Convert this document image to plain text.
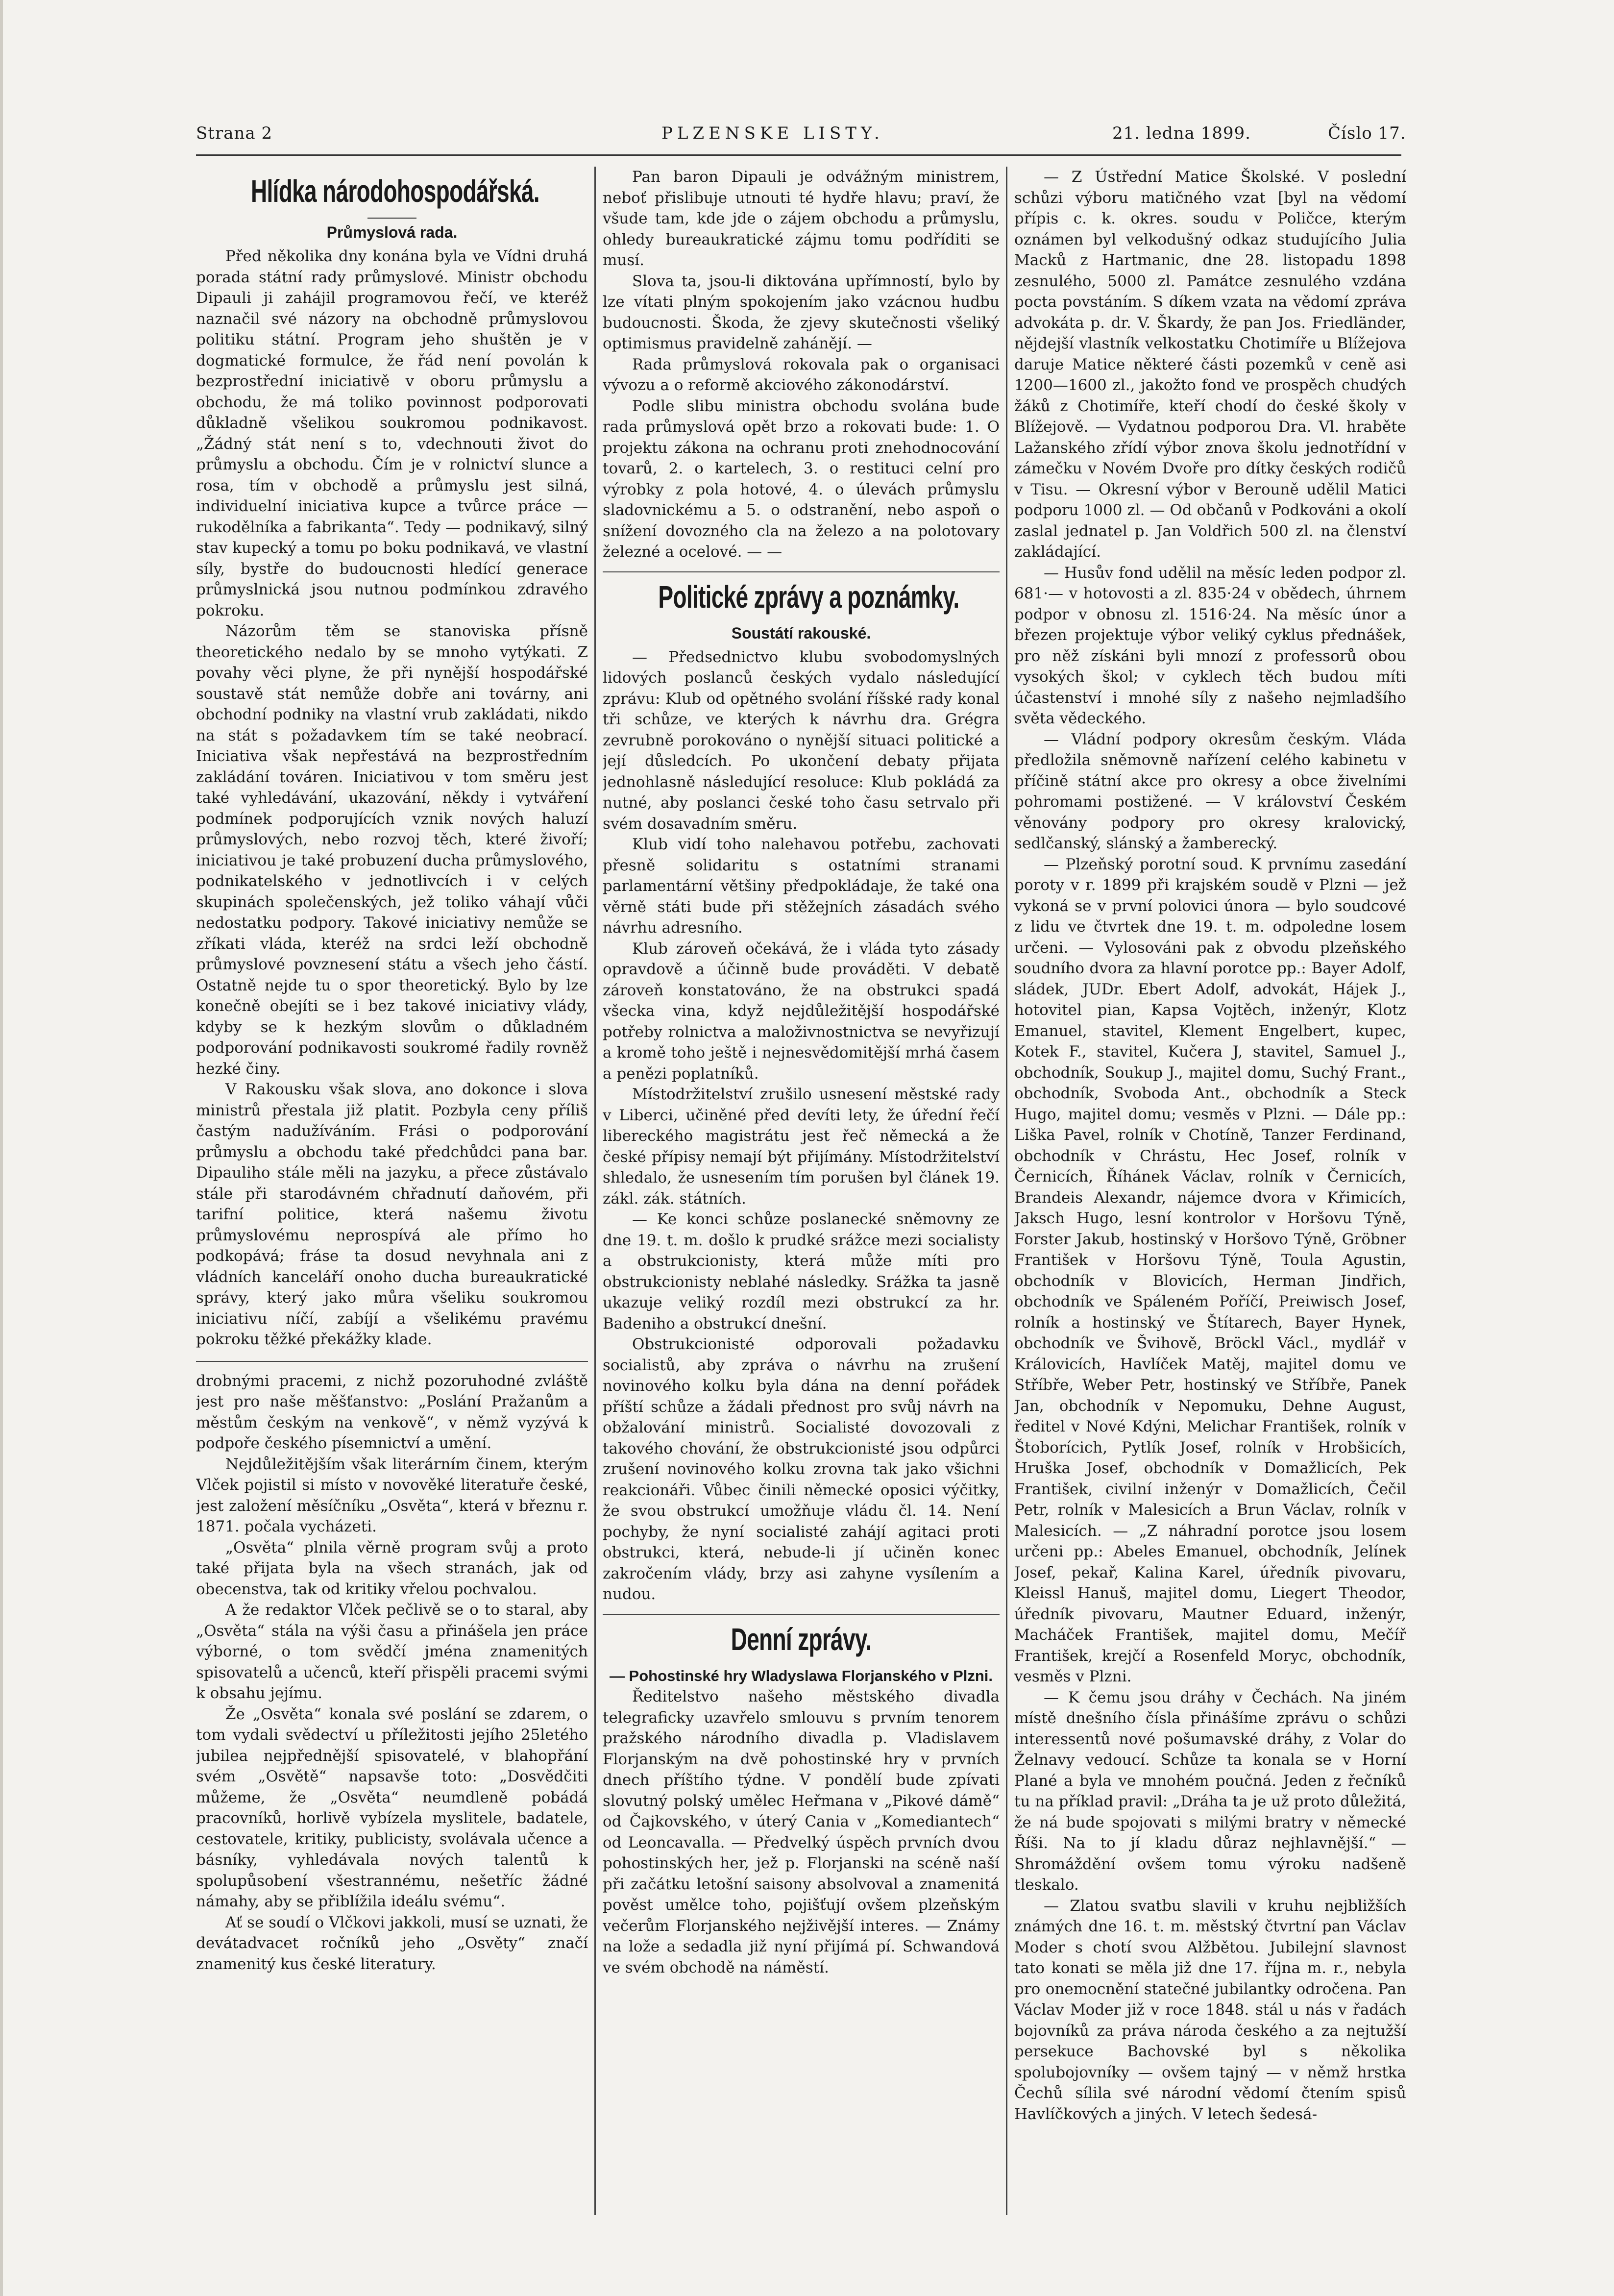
Strana 2	PLZENSKE LISTY.	21. ledna 1899.	Číslo 17.
Hlídka národohospodářská.
Průmyslová rada.

Před několika dny konána byla ve Vídni druhá porada státní rady průmyslové. Ministr obchodu Dipauli ji zahájil programovou řečí, ve kteréž naznačil své názory na obchodně průmyslovou politiku státní. Program jeho shuštěn je v dogmatické formulce, že řád není povolán k bezprostřední iniciativě v oboru průmyslu a obchodu, že má toliko povinnost podporovati důkladně všelikou soukromou podnikavost. „Žádný stát není s to, vdechnouti život do průmyslu a obchodu. Čím je v rolnictví slunce a rosa, tím v obchodě a průmyslu jest silná, individuelní iniciativa kupce a tvůrce práce — rukodělníka a fabrikanta“. Tedy — podnikavý, silný stav kupecký a tomu po boku podnikavá, ve vlastní síly, bystře do budoucnosti hledící generace průmyslnická jsou nutnou podmínkou zdravého pokroku.

Názorům těm se stanoviska přísně theoretického nedalo by se mnoho vytýkati. Z povahy věci plyne, že při nynější hospodářské soustavě stát nemůže dobře ani továrny, ani obchodní podniky na vlastní vrub zakládati, nikdo na stát s požadavkem tím se také neobrací. Iniciativa však nepřestává na bezprostředním zakládání továren. Iniciativou v tom směru jest také vyhledávání, ukazování, někdy i vytváření podmínek podporujících vznik nových haluzí průmyslových, nebo rozvoj těch, které živoří; iniciativou je také probuzení ducha průmyslového, podnikatelského v jednotlivcích i v celých skupinách společenských, jež toliko váhají vůči nedostatku podpory. Takové iniciativy nemůže se zříkati vláda, kteréž na srdci leží obchodně průmyslové povznesení státu a všech jeho částí. Ostatně nejde tu o spor theoretický. Bylo by lze konečně obejíti se i bez takové iniciativy vlády, kdyby se k hezkým slovům o důkladném podporování podnikavosti soukromé řadily rovněž hezké činy.

V Rakousku však slova, ano dokonce i slova ministrů přestala již platit. Pozbyla ceny příliš častým nadužíváním. Frási o podporování průmyslu a obchodu také předchůdci pana bar. Dipauliho stále měli na jazyku, a přece zůstávalo stále při starodávném chřadnutí daňovém, při tarifní politice, která našemu životu průmyslovému neprospívá ale přímo ho podkopává; fráse ta dosud nevyhnala ani z vládních kanceláří onoho ducha bureaukratické správy, který jako můra všeliku soukromou iniciativu níčí, zabíjí a všelikému pravému pokroku těžké překážky klade.

drobnými pracemi, z nichž pozoruhodné zvláště jest pro naše měšťanstvo: „Poslání Pražanům a městům českým na venkově“, v němž vyzývá k podpoře českého písemnictví a umění.

Nejdůležitějším však literárním činem, kterým Vlček pojistil si místo v novověké literatuře české, jest založení měsíčníku „Osvěta“, která v březnu r. 1871. počala vycházeti.

„Osvěta“ plnila věrně program svůj a proto také přijata byla na všech stranách, jak od obecenstva, tak od kritiky vřelou pochvalou.

A že redaktor Vlček pečlivě se o to staral, aby „Osvěta“ stála na výši času a přinášela jen práce výborné, o tom svědčí jména znamenitých spisovatelů a učenců, kteří přispěli pracemi svými k obsahu jejímu.

Že „Osvěta“ konala své poslání se zdarem, o tom vydali svědectví u příležitosti jejího 25letého jubilea nejpřednější spisovatelé, v blahopřání svém „Osvětě“ napsavše toto: „Dosvědčiti můžeme, že „Osvěta“ neumdleně pobádá pracovníků, horlivě vybízela myslitele, badatele, cestovatele, kritiky, publicisty, svolávala učence a básníky, vyhledávala nových talentů k spolupůsobení všestrannému, nešetříc žádné námahy, aby se přiblížila ideálu svému“.

Ať se soudí o Vlčkovi jakkoli, musí se uznati, že devátadvacet ročníků jeho „Osvěty“ značí znamenitý kus české literatury.

Pan baron Dipauli je odvážným ministrem, neboť přislibuje utnouti té hydře hlavu; praví, že všude tam, kde jde o zájem obchodu a průmyslu, ohledy bureaukratické zájmu tomu podříditi se musí.

Slova ta, jsou-li diktována upřímností, bylo by lze vítati plným spokojením jako vzácnou hudbu budoucnosti. Škoda, že zjevy skutečnosti všeliký optimismus pravidelně zahánějí. —

Rada průmyslová rokovala pak o organisaci vývozu a o reformě akciového zákonodárství.

Podle slibu ministra obchodu svolána bude rada průmyslová opět brzo a rokovati bude: 1. O projektu zákona na ochranu proti znehodnocování tovarů, 2. o kartelech, 3. o restituci celní pro výrobky z pola hotové, 4. o úlevách průmyslu sladovnickému a 5. o odstranění, nebo aspoň o snížení dovozného cla na železo a na polotovary železné a ocelové. — —

Politické zprávy a poznámky.
Soustátí rakouské.

— Předsednictvo klubu svobodomyslných lidových poslanců českých vydalo následující zprávu: Klub od opětného svolání říšské rady konal tři schůze, ve kterých k návrhu dra. Grégra zevrubně porokováno o nynější situaci politické a její důsledcích. Po ukončení debaty přijata jednohlasně následující resoluce: Klub pokládá za nutné, aby poslanci české toho času setrvalo při svém dosavadním směru.

Klub vidí toho nalehavou potřebu, zachovati přesně solidaritu s ostatními stranami parlamentární většiny předpokládaje, že také ona věrně státi bude při stěžejních zásadách svého návrhu adresního.

Klub zároveň očekává, že i vláda tyto zásady opravdově a účinně bude prováděti. V debatě zároveň konstatováno, že na obstrukci spadá všecka vina, když nejdůležitější hospodářské potřeby rolnictva a maloživnostnictva se nevyřizují a kromě toho ještě i nejnesvědomitější mrhá časem a penězi poplatníků.

Místodržitelství zrušilo usnesení městské rady v Liberci, učiněné před devíti lety, že úřední řečí libereckého magistrátu jest řeč německá a že české přípisy nemají být přijímány. Místodržitelství shledalo, že usnesením tím porušen byl článek 19. zákl. zák. státních.

— Ke konci schůze poslanecké sněmovny ze dne 19. t. m. došlo k prudké srážce mezi socialisty a obstrukcionisty, která může míti pro obstrukcionisty neblahé následky. Srážka ta jasně ukazuje veliký rozdíl mezi obstrukcí za hr. Badeniho a obstrukcí dnešní.

Obstrukcionisté odporovali požadavku socialistů, aby zpráva o návrhu na zrušení novinového kolku byla dána na denní pořádek příští schůze a žádali přednost pro svůj návrh na obžalování ministrů. Socialisté dovozovali z takového chování, že obstrukcionisté jsou odpůrci zrušení novinového kolku zrovna tak jako všichni reakcionáři. Vůbec činili německé oposici výčitky, že svou obstrukcí umožňuje vládu čl. 14. Není pochyby, že nyní socialisté zahájí agitaci proti obstrukci, která, nebude-li jí učiněn konec zakročením vlády, brzy asi zahyne vysílením a nudou.

Denní zprávy.

— Pohostinské hry Wladyslawa Florjanského v Plzni.

Ředitelstvo našeho městského divadla telegraficky uzavřelo smlouvu s prvním tenorem pražského národního divadla p. Vladislavem Florjanským na dvě pohostinské hry v prvních dnech příštího týdne. V pondělí bude zpívati slovutný polský umělec Heřmana v „Pikové dámě“ od Čajkovského, v úterý Cania v „Komediantech“ od Leoncavalla. — Předvelký úspěch prvních dvou pohostinských her, jež p. Florjanski na scéně naší při začátku letošní saisony absolvoval a znamenitá pověst umělce toho, pojišťují ovšem plzeňským večerům Florjanského nejživější interes. — Známy na lože a sedadla již nyní přijímá pí. Schwandová ve svém obchodě na náměstí.

— Z Ústřední Matice Školské. V poslední schůzi výboru matičného vzat [byl na vědomí přípis c. k. okres. soudu v Poličce, kterým oznámen byl velkodušný odkaz studujícího Julia Macků z Hartmanic, dne 28. listopadu 1898 zesnulého, 5000 zl. Památce zesnulého vzdána pocta povstáním. S díkem vzata na vědomí zpráva advokáta p. dr. V. Škardy, že pan Jos. Friedländer, nějdejší vlastník velkostatku Chotimíře u Blížejova daruje Matice některé části pozemků v ceně asi 1200—1600 zl., jakožto fond ve prospěch chudých žáků z Chotimíře, kteří chodí do české školy v Blížejově. — Vydatnou podporou Dra. Vl. hraběte Lažanského zřídí výbor znova školu jednotřídní v zámečku v Novém Dvoře pro dítky českých rodičů v Tisu. — Okresní výbor v Berouně udělil Matici podporu 1000 zl. — Od občanů v Podkováni a okolí zaslal jednatel p. Jan Voldřich 500 zl. na členství zakládající.

— Husův fond udělil na měsíc leden podpor zl. 681·— v hotovosti a zl. 835·24 v obědech, úhrnem podpor v obnosu zl. 1516·24. Na měsíc únor a březen projektuje výbor veliký cyklus přednášek, pro něž získáni byli mnozí z professorů obou vysokých škol; v cyklech těch budou míti účastenství i mnohé síly z našeho nejmladšího světa vědeckého.

— Vládní podpory okresům českým. Vláda předložila sněmovně nařízení celého kabinetu v příčině státní akce pro okresy a obce živelními pohromami postižené. — V království Českém věnovány podpory pro okresy kralovický, sedlčanský, slánský a žamberecký.

— Plzeňský porotní soud. K prvnímu zasedání poroty v r. 1899 při krajském soudě v Plzni — jež vykoná se v první polovici února — bylo soudcové z lidu ve čtvrtek dne 19. t. m. odpoledne losem určeni. — Vylosováni pak z obvodu plzeňského soudního dvora za hlavní porotce pp.: Bayer Adolf, sládek, JUDr. Ebert Adolf, advokát, Hájek J., hotovitel pian, Kapsa Vojtěch, inženýr, Klotz Emanuel, stavitel, Klement Engelbert, kupec, Kotek F., stavitel, Kučera J, stavitel, Samuel J., obchodník, Soukup J., majitel domu, Suchý Frant., obchodník, Svoboda Ant., obchodník a Steck Hugo, majitel domu; vesměs v Plzni. — Dále pp.: Liška Pavel, rolník v Chotíně, Tanzer Ferdinand, obchodník v Chrástu, Hec Josef, rolník v Černicích, Říhánek Václav, rolník v Černicích, Brandeis Alexandr, nájemce dvora v Křimicích, Jaksch Hugo, lesní kontrolor v Horšovu Týně, Forster Jakub, hostinský v Horšovo Týně, Gröbner František v Horšovu Týně, Toula Agustin, obchodník v Blovicích, Herman Jindřich, obchodník ve Spáleném Poříčí, Preiwisch Josef, rolník a hostinský ve Štítarech, Bayer Hynek, obchodník ve Švihově, Bröckl Václ., mydlář v Královicích, Havlíček Matěj, majitel domu ve Stříbře, Weber Petr, hostinský ve Stříbře, Panek Jan, obchodník v Nepomuku, Dehne August, ředitel v Nové Kdýni, Melichar František, rolník v Štoborícich, Pytlík Josef, rolník v Hrobšicích, Hruška Josef, obchodník v Domažlicích, Pek František, civilní inženýr v Domažlicích, Čečil Petr, rolník v Malesicích a Brun Václav, rolník v Malesicích. — „Z náhradní porotce jsou losem určeni pp.: Abeles Emanuel, obchodník, Jelínek Josef, pekař, Kalina Karel, úředník pivovaru, Kleissl Hanuš, majitel domu, Liegert Theodor, úředník pivovaru, Mautner Eduard, inženýr, Macháček František, majitel domu, Mečíř František, krejčí a Rosenfeld Moryc, obchodník, vesměs v Plzni.

— K čemu jsou dráhy v Čechách. Na jiném místě dnešního čísla přinášíme zprávu o schůzi interessentů nové pošumavské dráhy, z Volar do Želnavy vedoucí. Schůze ta konala se v Horní Plané a byla ve mnohém poučná. Jeden z řečníků tu na příklad pravil: „Dráha ta je už proto důležitá, že ná bude spojovati s milými bratry v německé Říši. Na to jí kladu důraz nejhlavnější.“ — Shromáždění ovšem tomu výroku nadšeně tleskalo.

— Zlatou svatbu slavili v kruhu nejbližších známých dne 16. t. m. městský čtvrtní pan Václav Moder s chotí svou Alžbětou. Jubilejní slavnost tato konati se měla již dne 17. října m. r., nebyla pro onemocnění statečné jubilantky odročena. Pan Václav Moder již v roce 1848. stál u nás v řadách bojovníků za práva národa českého a za nejtužší persekuce Bachovské byl s několika spolubojovníky — ovšem tajný — v němž hrstka Čechů sílila své národní vědomí čtením spisů Havlíčkových a jiných. V letech šedesá-
